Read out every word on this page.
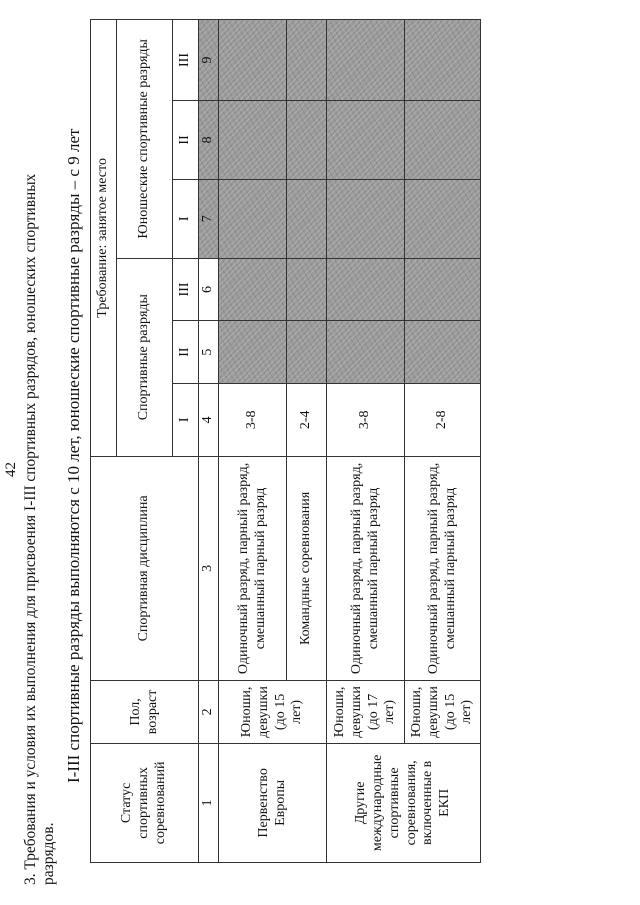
42 3. Требования и условия их выполнения для присвоения I-III спортивных разрядов, юношеских спортивных разрядов.
I-III спортивные разряды выполняются с 10 лет, юношеские спортивные разряды – с 9 лет
Статус спортивных соревнований	Пол, возраст	Спортивная дисциплина	Требование: занятое место					
			Спортивные разряды			Юношеские спортивные разряды		
			I	II	III	I	II	III
1	2	3	4	5	6	7	8	9
Первенство Европы	Юноши, девушки (до 15 лет)	Одиночный разряд, парный разряд, смешанный парный разряд	3-8					
		Командные соревнования	2-4					
Другие международные спортивные соревнования, включенные в ЕКП	Юноши, девушки (до 17 лет)	Одиночный разряд, парный разряд, смешанный парный разряд	3-8					
	Юноши, девушки (до 15 лет)	Одиночный разряд, парный разряд, смешанный парный разряд	2-8					
